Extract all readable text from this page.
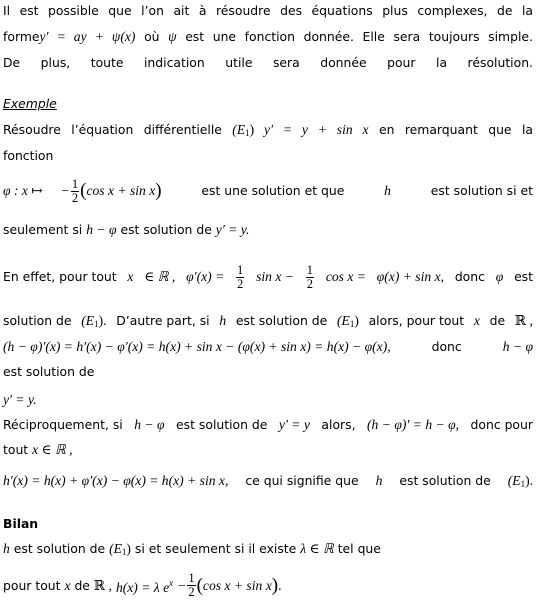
Il est possible que l’on ait à résoudre des équations plus complexes, de la
formey′ = ay + ψ(x) où ψ est une fonction donnée. Elle sera toujours simple.
De plus, toute indication utile sera donnée pour la résolution.
Exemple
Résoudre l’équation différentielle $(E_1) y' = y + \sin x$ en remarquant que la
fonction
φ : x ↦ − $\frac{1}{2}$ ( cos x + sin x )	est une solution et que	h	est solution si et
seulement si h − φ est solution de y′ = y.
En effet, pour tout x ∈ ℝ , $\varphi'(x) = \frac{1}{2}$ $\sin x - \frac{1}{2}$ cos x = φ(x) + sin x, donc φ est
solution de $(E_1)$. D’autre part, si h est solution de $(E_1)$ alors, pour tout x de ℝ ,
(h − φ)′(x) = h′(x) − φ′(x) = h(x) + sin x − (φ(x) + sin x) = h(x) − φ(x),	donc	h − φ
est solution de
y′ = y.
Réciproquement, si h − φ est solution de y′ = y alors, (h − φ)′ = h − φ, donc pour
tout x ∈ ℝ ,
h′(x) = h(x) + φ′(x) − φ(x) = h(x) + sin x, ce qui signifie que h est solution de $(E_1)$.
Bilan
h est solution de $(E_1)$ si et seulement si il existe λ ∈ ℝ tel que
pour tout
x
de
ℝ ,
h(x) = λ $e^x - \frac{1}{2}$ ( cos x + sin x ) .
